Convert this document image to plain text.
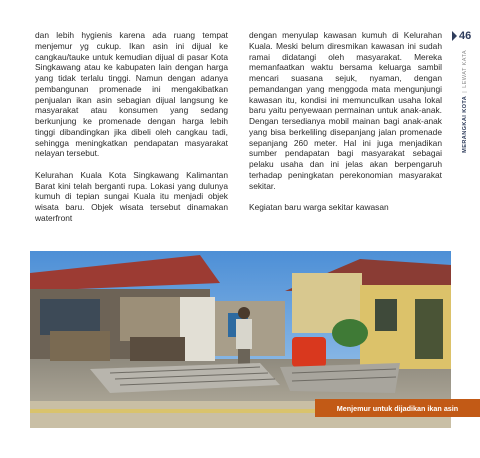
dan lebih hygienis karena ada ruang tempat menjemur yg cukup. Ikan asin ini dijual ke cangkau/tauke untuk kemudian dijual di pasar Kota Singkawang atau ke kabupaten lain dengan harga yang tidak terlalu tinggi. Namun dengan adanya pembangunan promenade ini mengakibatkan penjualan ikan asin sebagian dijual langsung ke masyarakat atau konsumen yang sedang berkunjung ke promenade dengan harga lebih tinggi dibandingkan jika dibeli oleh cangkau tadi, sehingga meningkatkan pendapatan masyarakat nelayan tersebut.

Kelurahan Kuala Kota Singkawang Kalimantan Barat kini telah berganti rupa. Lokasi yang dulunya kumuh di tepian sungai Kuala itu menjadi objek wisata baru. Objek wisata tersebut dinamakan waterfront

dengan menyulap kawasan kumuh di Kelurahan Kuala. Meski belum diresmikan kawasan ini sudah ramai didatangi oleh masyarakat. Mereka memanfaatkan waktu bersama keluarga sambil mencari suasana sejuk, nyaman, dengan pemandangan yang menggoda mata mengunjungi kawasan itu, kondisi ini memunculkan usaha lokal baru yaitu penyewaan permainan untuk anak-anak. Dengan tersedianya mobil mainan bagi anak-anak yang bisa berkeliling disepanjang jalan promenade sepanjang 260 meter. Hal ini juga menjadikan sumber pendapatan bagi masyarakat sebagai pelaku usaha dan ini jelas akan berpengaruh terhadap peningkatan perekonomian masyarakat sekitar.

Kegiatan baru warga sekitar kawasan

46
MERANGKAI KOTA|LEWAT KATA
Menjemur untuk dijadikan ikan asin
